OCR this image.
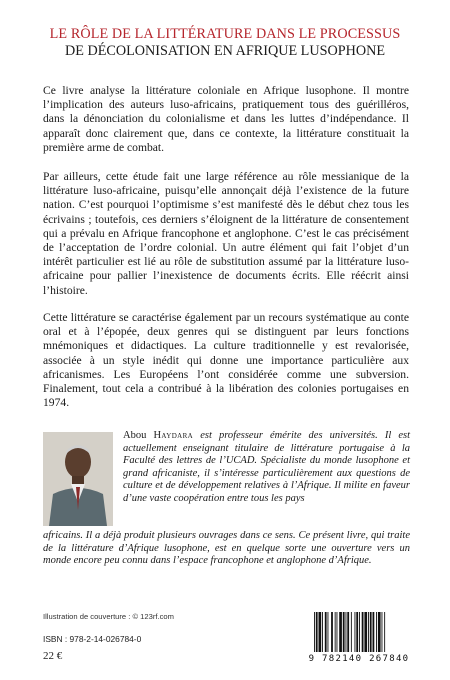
LE RÔLE DE LA LITTÉRATURE DANS LE PROCESSUS
DE DÉCOLONISATION EN AFRIQUE LUSOPHONE
Ce livre analyse la littérature coloniale en Afrique lusophone. Il montre l’implication des auteurs luso-africains, pratiquement tous des guérilléros, dans la dénonciation du colonialisme et dans les luttes d’indépendance. Il apparaît donc clairement que, dans ce contexte, la littérature constituait la première arme de combat.
Par ailleurs, cette étude fait une large référence au rôle messianique de la littérature luso-africaine, puisqu’elle annonçait déjà l’existence de la future nation. C’est pourquoi l’optimisme s’est manifesté dès le début chez tous les écrivains ; toutefois, ces derniers s’éloignent de la littérature de consentement qui a prévalu en Afrique francophone et anglophone. C’est le cas précisément de l’acceptation de l’ordre colonial. Un autre élément qui fait l’objet d’un intérêt particulier est lié au rôle de substitution assumé par la littérature luso-africaine pour pallier l’inexistence de documents écrits. Elle réécrit ainsi l’histoire.
Cette littérature se caractérise également par un recours systématique au conte oral et à l’épopée, deux genres qui se distinguent par leurs fonctions mnémoniques et didactiques. La culture traditionnelle y est revalorisée, associée à un style inédit qui donne une importance particulière aux africanismes. Les Européens l’ont considérée comme une subversion. Finalement, tout cela a contribué à la libération des colonies portugaises en 1974.
Abou Haydara est professeur émérite des universités. Il est actuellement enseignant titulaire de littérature portugaise à la Faculté des lettres de l’UCAD. Spécialiste du monde lusophone et grand africaniste, il s’intéresse particulièrement aux questions de culture et de développement relatives à l’Afrique. Il milite en faveur d’une vaste coopération entre tous les pays
africains. Il a déjà produit plusieurs ouvrages dans ce sens. Ce présent livre, qui traite de la littérature d’Afrique lusophone, est en quelque sorte une ouverture vers un monde encore peu connu dans l’espace francophone et anglophone d’Afrique.
Illustration de couverture : © 123rf.com
ISBN : 978-2-14-026784-0
22 €	9 782140 267840
